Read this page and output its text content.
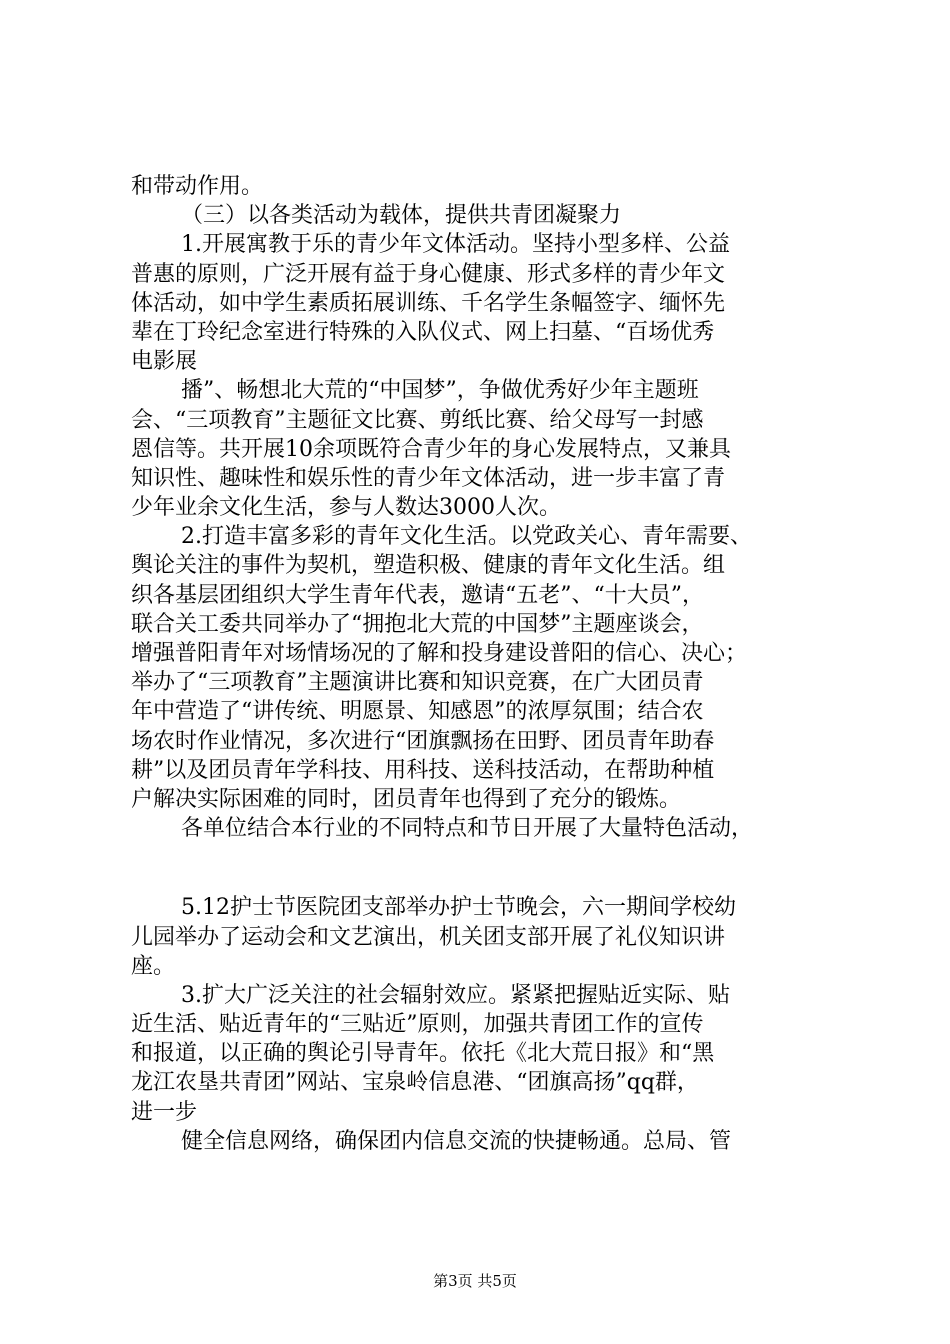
和带动作用。
（三）以各类活动为载体，提供共青团凝聚力
1.开展寓教于乐的青少年文体活动。坚持小型多样、公益
普惠的原则，广泛开展有益于身心健康、形式多样的青少年文
体活动，如中学生素质拓展训练、千名学生条幅签字、缅怀先
辈在丁玲纪念室进行特殊的入队仪式、网上扫墓、“百场优秀
电影展
播”、畅想北大荒的“中国梦”，争做优秀好少年主题班
会、“三项教育”主题征文比赛、剪纸比赛、给父母写一封感
恩信等。共开展10余项既符合青少年的身心发展特点，又兼具
知识性、趣味性和娱乐性的青少年文体活动，进一步丰富了青
少年业余文化生活，参与人数达3000人次。
2.打造丰富多彩的青年文化生活。以党政关心、青年需要、
舆论关注的事件为契机，塑造积极、健康的青年文化生活。组
织各基层团组织大学生青年代表，邀请“五老”、“十大员”，
联合关工委共同举办了“拥抱北大荒的中国梦”主题座谈会，
增强普阳青年对场情场况的了解和投身建设普阳的信心、决心；
举办了“三项教育”主题演讲比赛和知识竞赛，在广大团员青
年中营造了“讲传统、明愿景、知感恩”的浓厚氛围；结合农
场农时作业情况，多次进行“团旗飘扬在田野、团员青年助春
耕”以及团员青年学科技、用科技、送科技活动，在帮助种植
户解决实际困难的同时，团员青年也得到了充分的锻炼。
各单位结合本行业的不同特点和节日开展了大量特色活动，
5.12护士节医院团支部举办护士节晚会，六一期间学校幼
儿园举办了运动会和文艺演出，机关团支部开展了礼仪知识讲
座。
3.扩大广泛关注的社会辐射效应。紧紧把握贴近实际、贴
近生活、贴近青年的“三贴近”原则，加强共青团工作的宣传
和报道，以正确的舆论引导青年。依托《北大荒日报》和“黑
龙江农垦共青团”网站、宝泉岭信息港、“团旗高扬”qq群，
进一步
健全信息网络，确保团内信息交流的快捷畅通。总局、管
第3页 共5页
